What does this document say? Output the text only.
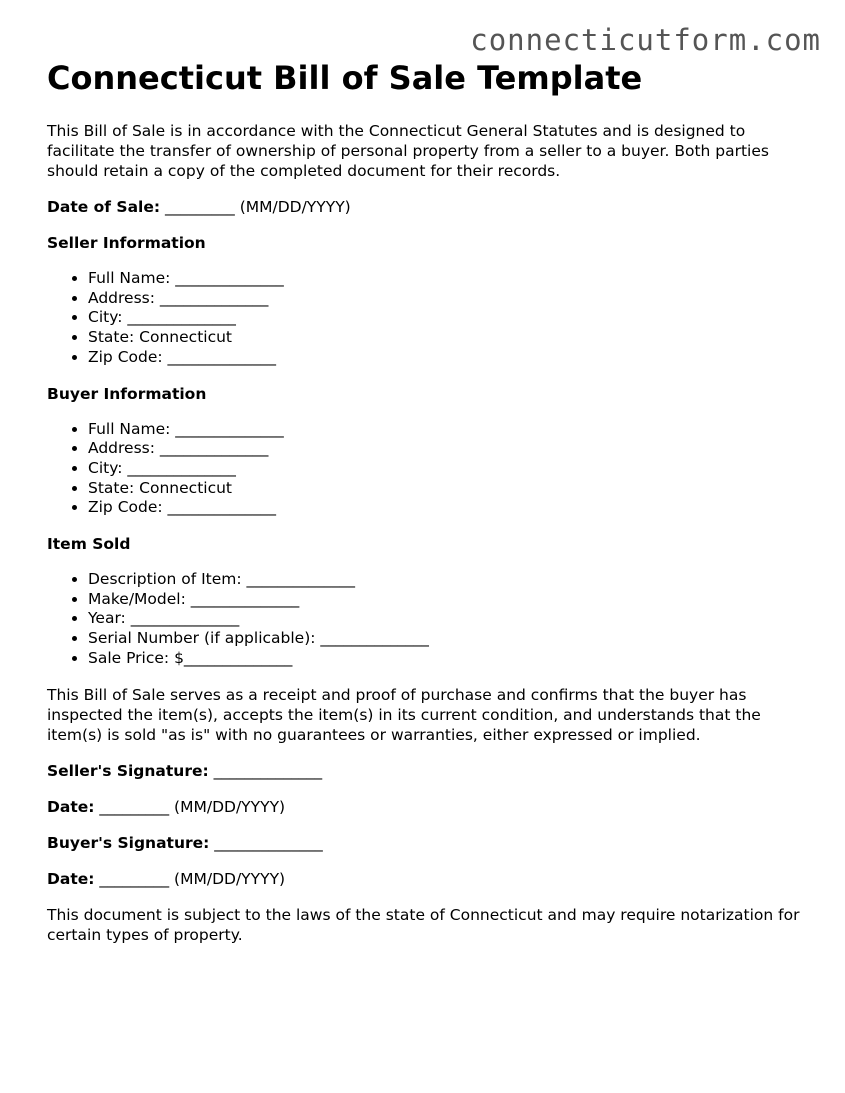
connecticutform.com
Connecticut Bill of Sale Template

This Bill of Sale is in accordance with the Connecticut General Statutes and is designed to facilitate the transfer of ownership of personal property from a seller to a buyer. Both parties should retain a copy of the completed document for their records.

Date of Sale: _________ (MM/DD/YYYY)

Seller Information
• Full Name: ______________
• Address: ______________
• City: ______________
• State: Connecticut
• Zip Code: ______________
Buyer Information
• Full Name: ______________
• Address: ______________
• City: ______________
• State: Connecticut
• Zip Code: ______________
Item Sold
• Description of Item: ______________
• Make/Model: ______________
• Year: ______________
• Serial Number (if applicable): ______________
• Sale Price: $______________

This Bill of Sale serves as a receipt and proof of purchase and confirms that the buyer has inspected the item(s), accepts the item(s) in its current condition, and understands that the item(s) is sold "as is" with no guarantees or warranties, either expressed or implied.

Seller's Signature: ______________

Date: _________ (MM/DD/YYYY)

Buyer's Signature: ______________

Date: _________ (MM/DD/YYYY)

This document is subject to the laws of the state of Connecticut and may require notarization for certain types of property.
